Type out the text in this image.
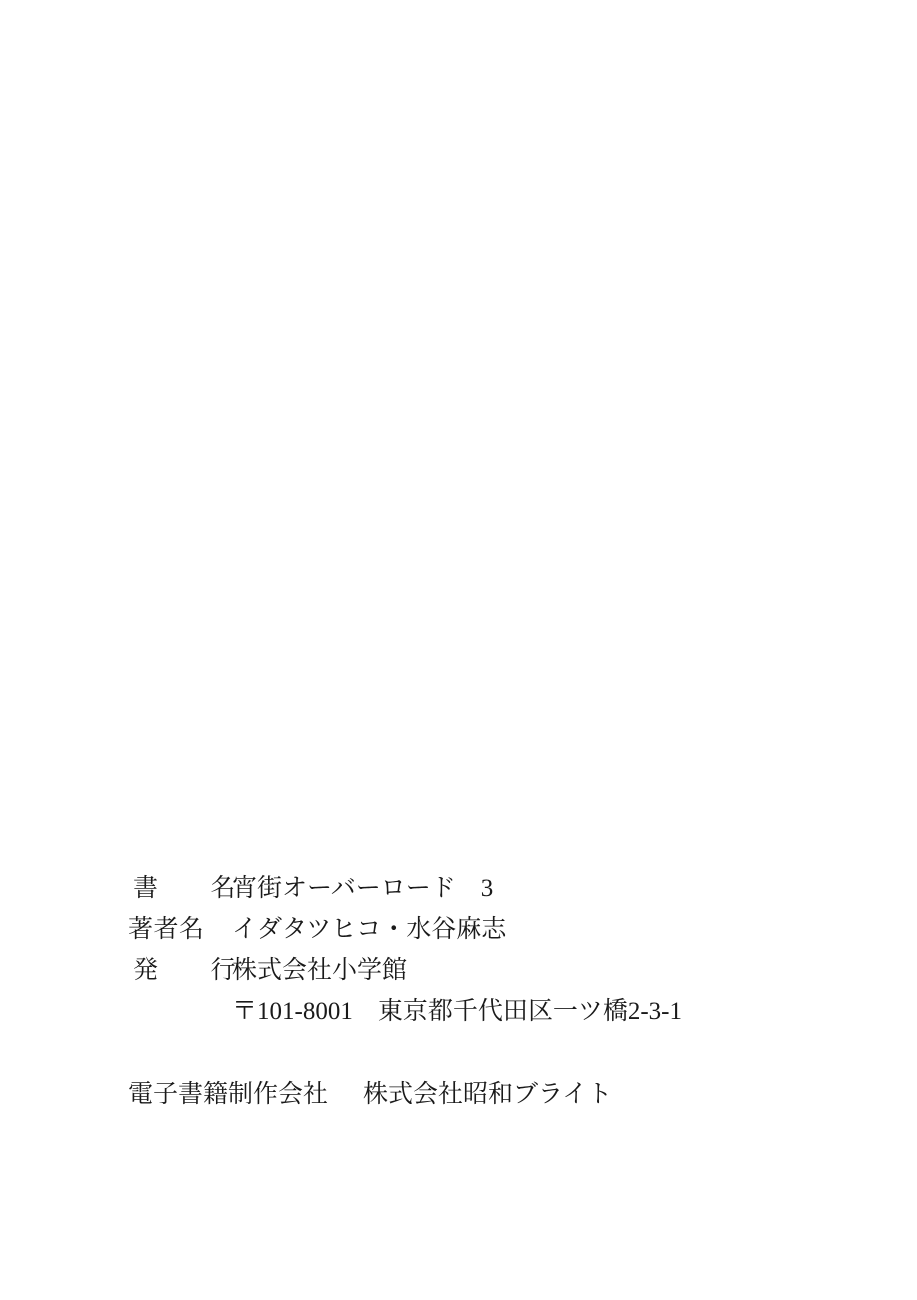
書　名
宵街オーバーロード　3
著者名	イダタツヒコ・水谷麻志
発　行
株式会社小学館
〒101‐8001　東京都千代田区一ツ橋2‐3‐1
電子書籍制作会社 株式会社昭和ブライト
